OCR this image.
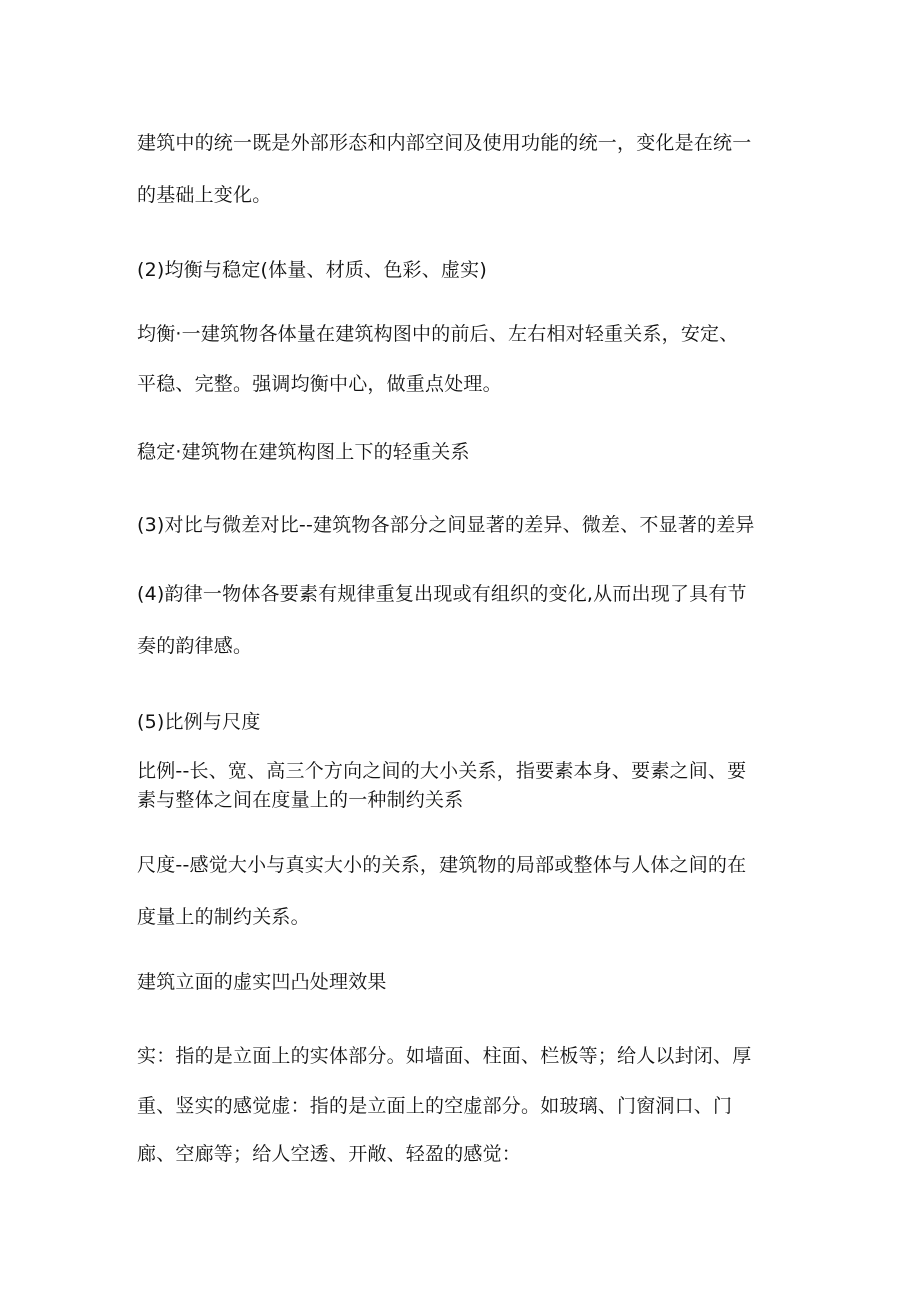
建筑中的统一既是外部形态和内部空间及使用功能的统一，变化是在统一
的基础上变化。
(2)均衡与稳定(体量、材质、色彩、虚实)
均衡·一建筑物各体量在建筑构图中的前后、左右相对轻重关系，安定、
平稳、完整。强调均衡中心，做重点处理。
稳定·建筑物在建筑构图上下的轻重关系
(3)对比与微差对比--建筑物各部分之间显著的差异、微差、不显著的差异
(4)韵律一物体各要素有规律重复出现或有组织的变化,从而出现了具有节
奏的韵律感。
(5)比例与尺度
比例--长、宽、高三个方向之间的大小关系，指要素本身、要素之间、要
素与整体之间在度量上的一种制约关系
尺度--感觉大小与真实大小的关系，建筑物的局部或整体与人体之间的在
度量上的制约关系。
建筑立面的虚实凹凸处理效果
实：指的是立面上的实体部分。如墙面、柱面、栏板等；给人以封闭、厚
重、竖实的感觉虚：指的是立面上的空虚部分。如玻璃、门窗洞口、门
廊、空廊等；给人空透、开敞、轻盈的感觉：
